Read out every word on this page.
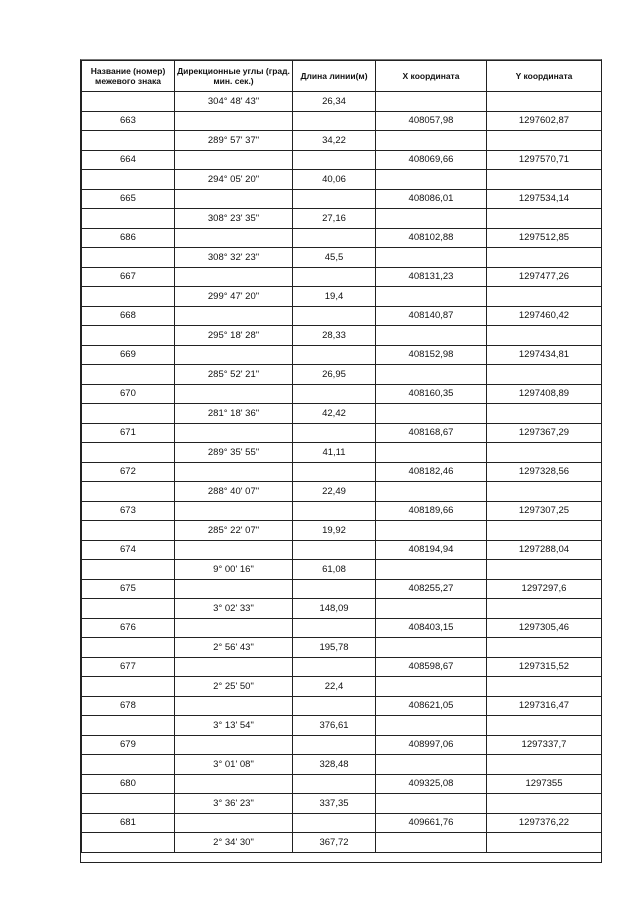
Название (номер) межевого знака	Дирекционные углы (град. мин. сек.)	Длина линии(м)	X координата	Y координата
	304° 48' 43"	26,34		
663			408057,98	1297602,87
	289° 57' 37"	34,22		
664			408069,66	1297570,71
	294° 05' 20"	40,06		
665			408086,01	1297534,14
	308° 23' 35"	27,16		
686			408102,88	1297512,85
	308° 32' 23"	45,5		
667			408131,23	1297477,26
	299° 47' 20"	19,4		
668			408140,87	1297460,42
	295° 18' 28"	28,33		
669			408152,98	1297434,81
	285° 52' 21"	26,95		
670			408160,35	1297408,89
	281° 18' 36"	42,42		
671			408168,67	1297367,29
	289° 35' 55"	41,11		
672			408182,46	1297328,56
	288° 40' 07"	22,49		
673			408189,66	1297307,25
	285° 22' 07"	19,92		
674			408194,94	1297288,04
	9° 00' 16"	61,08		
675			408255,27	1297297,6
	3° 02' 33"	148,09		
676			408403,15	1297305,46
	2° 56' 43"	195,78		
677			408598,67	1297315,52
	2° 25' 50"	22,4		
678			408621,05	1297316,47
	3° 13' 54"	376,61		
679			408997,06	1297337,7
	3° 01' 08"	328,48		
680			409325,08	1297355
	3° 36' 23"	337,35		
681			409661,76	1297376,22
	2° 34' 30"	367,72		
